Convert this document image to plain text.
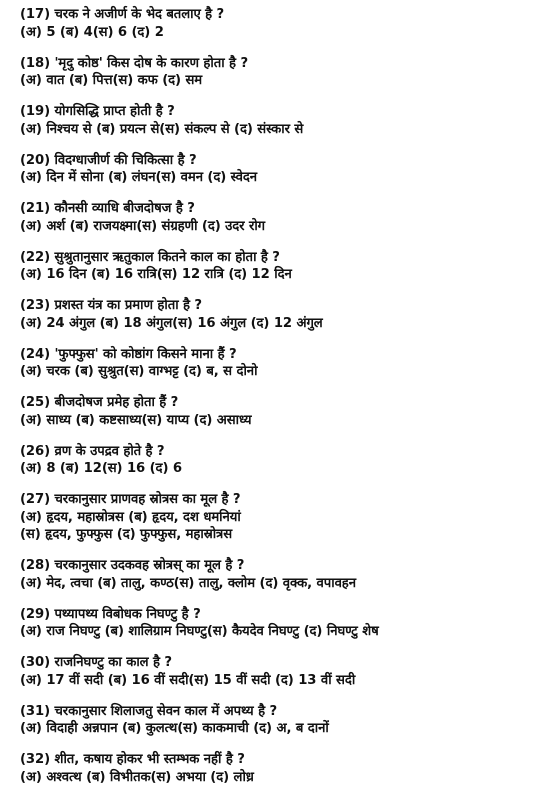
(17) चरक ने अजीर्ण के भेद बतलाए है ?
(अ) 5 (ब) 4(स) 6 (द) 2
(18) 'मृदु कोष्ठ' किस दोष के कारण होता है ?
(अ) वात (ब) पित्त(स) कफ (द) सम
(19) योगसिद्धि प्राप्त होती है ?
(अ) निश्चय से (ब) प्रयत्न से(स) संकल्प से (द) संस्कार से
(20) विदग्धाजीर्ण की चिकित्सा है ?
(अ) दिन में सोना (ब) लंघन(स) वमन (द) स्वेदन
(21) कौनसी व्याधि बीजदोषज है ?
(अ) अर्श (ब) राजयक्ष्मा(स) संग्रहणी (द) उदर रोग
(22) सुश्रुतानुसार ऋतुकाल कितने काल का होता है ?
(अ) 16 दिन (ब) 16 रात्रि(स) 12 रात्रि (द) 12 दिन
(23) प्रशस्त यंत्र का प्रमाण होता है ?
(अ) 24 अंगुल (ब) 18 अंगुल(स) 16 अंगुल (द) 12 अंगुल
(24) 'फुफ्फुस' को कोष्ठांग किसने माना हैं ?
(अ) चरक (ब) सुश्रुत(स) वाग्भट्ट (द) ब, स दोनो
(25) बीजदोषज प्रमेह होता हैं ?
(अ) साध्य (ब) कष्टसाध्य(स) याप्य (द) असाध्य
(26) व्रण के उपद्रव होते है ?
(अ) 8 (ब) 12(स) 16 (द) 6
(27) चरकानुसार प्राणवह स्रोत्रस का मूल है ?
(अ) हृदय, महास्रोत्रस (ब) हृदय, दश धमनियां
(स) हृदय, फुफ्फुस (द) फुफ्फुस, महास्रोत्रस
(28) चरकानुसार उदकवह स्रोत्रस् का मूल है ?
(अ) मेद, त्वचा (ब) तालु, कण्ठ(स) तालु, क्लोम (द) वृक्क, वपावहन
(29) पथ्यापथ्य विबोधक निघण्टु है ?
(अ) राज निघण्टु (ब) शालिग्राम निघण्टु(स) कैयदेव निघण्टु (द) निघण्टु शेष
(30) राजनिघण्टु का काल है ?
(अ) 17 वीं सदी (ब) 16 वीं सदी(स) 15 वीं सदी (द) 13 वीं सदी
(31) चरकानुसार शिलाजतु सेवन काल में अपथ्य है ?
(अ) विदाही अन्नपान (ब) कुलत्थ(स) काकमाची (द) अ, ब दानों
(32) शीत, कषाय होकर भी स्तम्भक नहीं है ?
(अ) अश्वत्थ (ब) विभीतक(स) अभया (द) लोध्र
